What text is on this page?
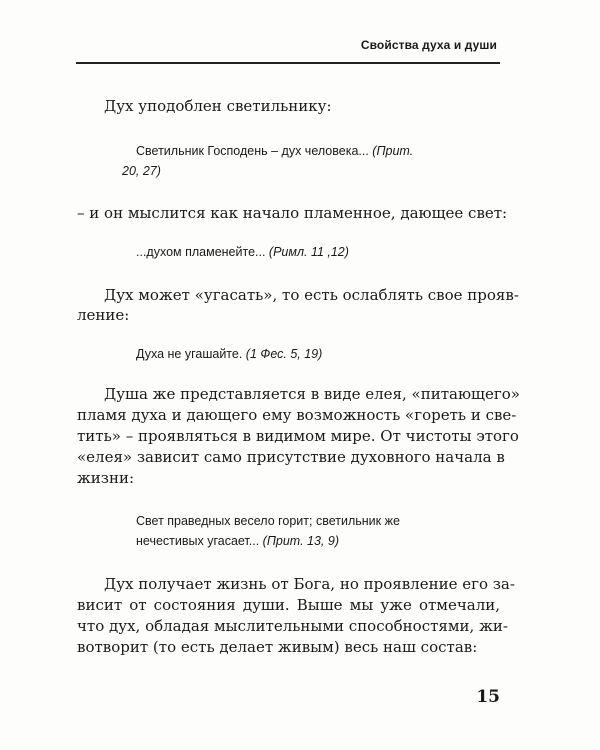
Свойства духа и души
Дух уподоблен светильнику:
Светильник Господень – дух человека... (Прит.
20, 27)
– и он мыслится как начало пламенное, дающее свет:
...духом пламенейте... (Римл. 11 ,12)
Дух может «угасать», то есть ослаблять свое прояв-
ление:
Духа не угашайте. (1 Фес. 5, 19)
Душа же представляется в виде елея, «питающего»
пламя духа и дающего ему возможность «гореть и све-
тить» – проявляться в видимом мире. От чистоты этого
«елея» зависит само присутствие духовного начала в
жизни:
Свет праведных весело горит; светильник же
нечестивых угасает... (Прит. 13, 9)
Дух получает жизнь от Бога, но проявление его за-
висит от состояния души. Выше мы уже отмечали,
что дух, обладая мыслительными способностями, жи-
вотворит (то есть делает живым) весь наш состав:
15
